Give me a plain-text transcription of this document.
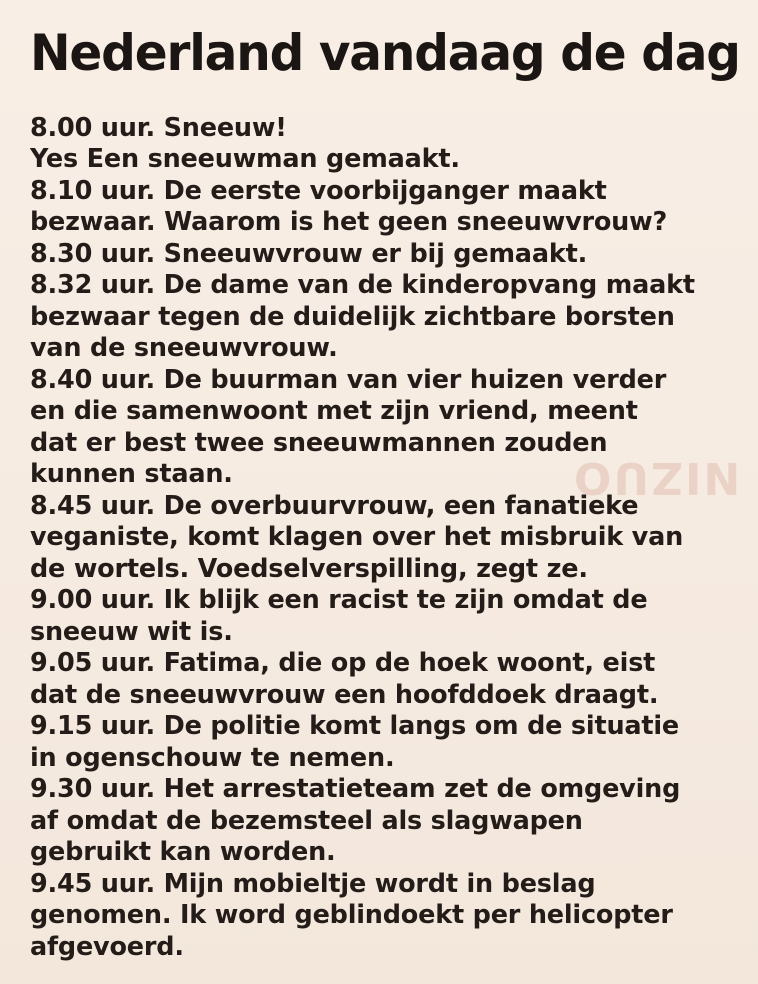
NIZUO
Nederland vandaag de dag
8.00 uur. Sneeuw!
Yes Een sneeuwman gemaakt.
8.10 uur. De eerste voorbijganger maakt
bezwaar. Waarom is het geen sneeuwvrouw?
8.30 uur. Sneeuwvrouw er bij gemaakt.
8.32 uur. De dame van de kinderopvang maakt
bezwaar tegen de duidelijk zichtbare borsten
van de sneeuwvrouw.
8.40 uur. De buurman van vier huizen verder
en die samenwoont met zijn vriend, meent
dat er best twee sneeuwmannen zouden
kunnen staan.
8.45 uur. De overbuurvrouw, een fanatieke
veganiste, komt klagen over het misbruik van
de wortels. Voedselverspilling, zegt ze.
9.00 uur. Ik blijk een racist te zijn omdat de
sneeuw wit is.
9.05 uur. Fatima, die op de hoek woont, eist
dat de sneeuwvrouw een hoofddoek draagt.
9.15 uur. De politie komt langs om de situatie
in ogenschouw te nemen.
9.30 uur. Het arrestatieteam zet de omgeving
af omdat de bezemsteel als slagwapen
gebruikt kan worden.
9.45 uur. Mijn mobieltje wordt in beslag
genomen. Ik word geblindoekt per helicopter
afgevoerd.
